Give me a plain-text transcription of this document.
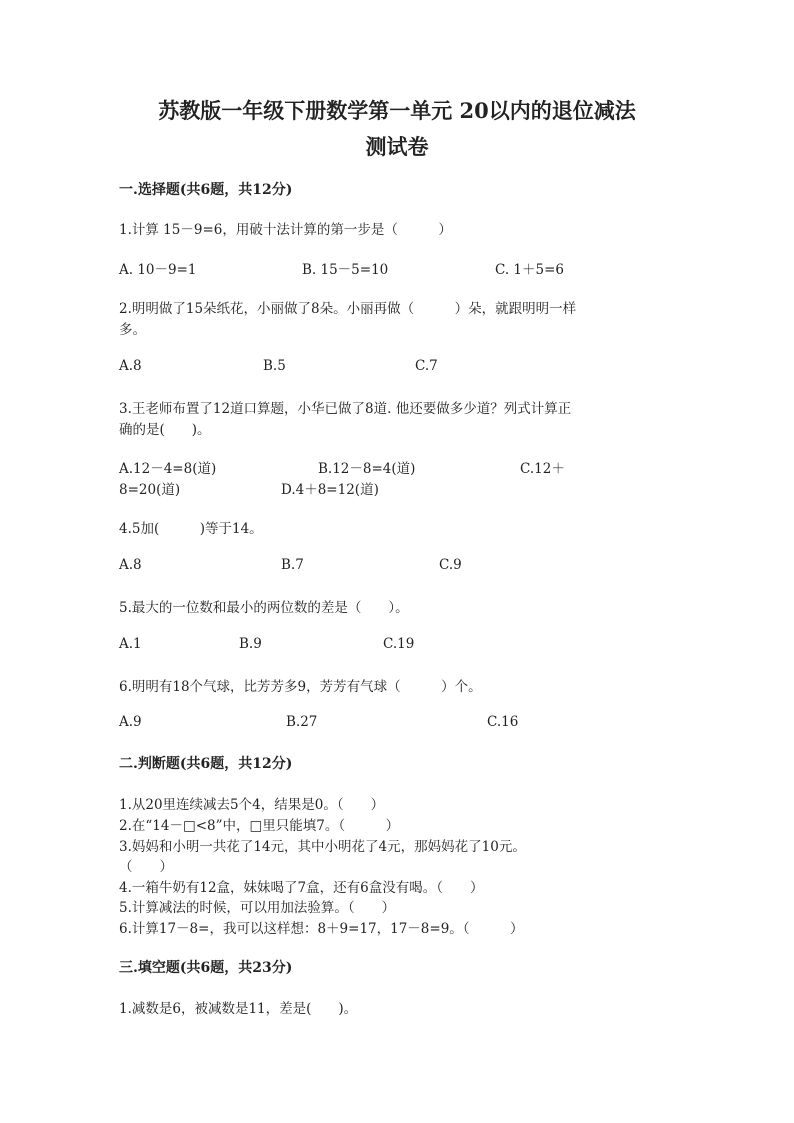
苏教版一年级下册数学第一单元 20以内的退位减法
测试卷
一.选择题(共6题，共12分)
1.计算 15－9=6，用破十法计算的第一步是（　　　）
A. 10－9=1	B. 15－5=10	C. 1＋5=6
2.明明做了15朵纸花，小丽做了8朵。小丽再做（　　　）朵，就跟明明一样
多。
A.8	B.5	C.7
3.王老师布置了12道口算题，小华已做了8道. 他还要做多少道？列式计算正
确的是(　　)。
A.12－4=8(道)	B.12－8=4(道)	C.12＋
8=20(道)	D.4＋8=12(道)
4.5加(　　　)等于14。
A.8	B.7	C.9
5.最大的一位数和最小的两位数的差是（　　）。
A.1	B.9	C.19
6.明明有18个气球，比芳芳多9，芳芳有气球（　　　）个。
A.9	B.27	C.16
二.判断题(共6题，共12分)
1.从20里连续减去5个4，结果是0。（　　）
2.在“14－□<8”中，□里只能填7。（　　　）
3.妈妈和小明一共花了14元，其中小明花了4元，那妈妈花了10元。
（　　）
4.一箱牛奶有12盒，妹妹喝了7盒，还有6盒没有喝。（　　）
5.计算减法的时候，可以用加法验算。（　　）
6.计算17－8=，我可以这样想：8＋9=17，17－8=9。（　　　）
三.填空题(共6题，共23分)
1.减数是6，被减数是11，差是(　　)。
